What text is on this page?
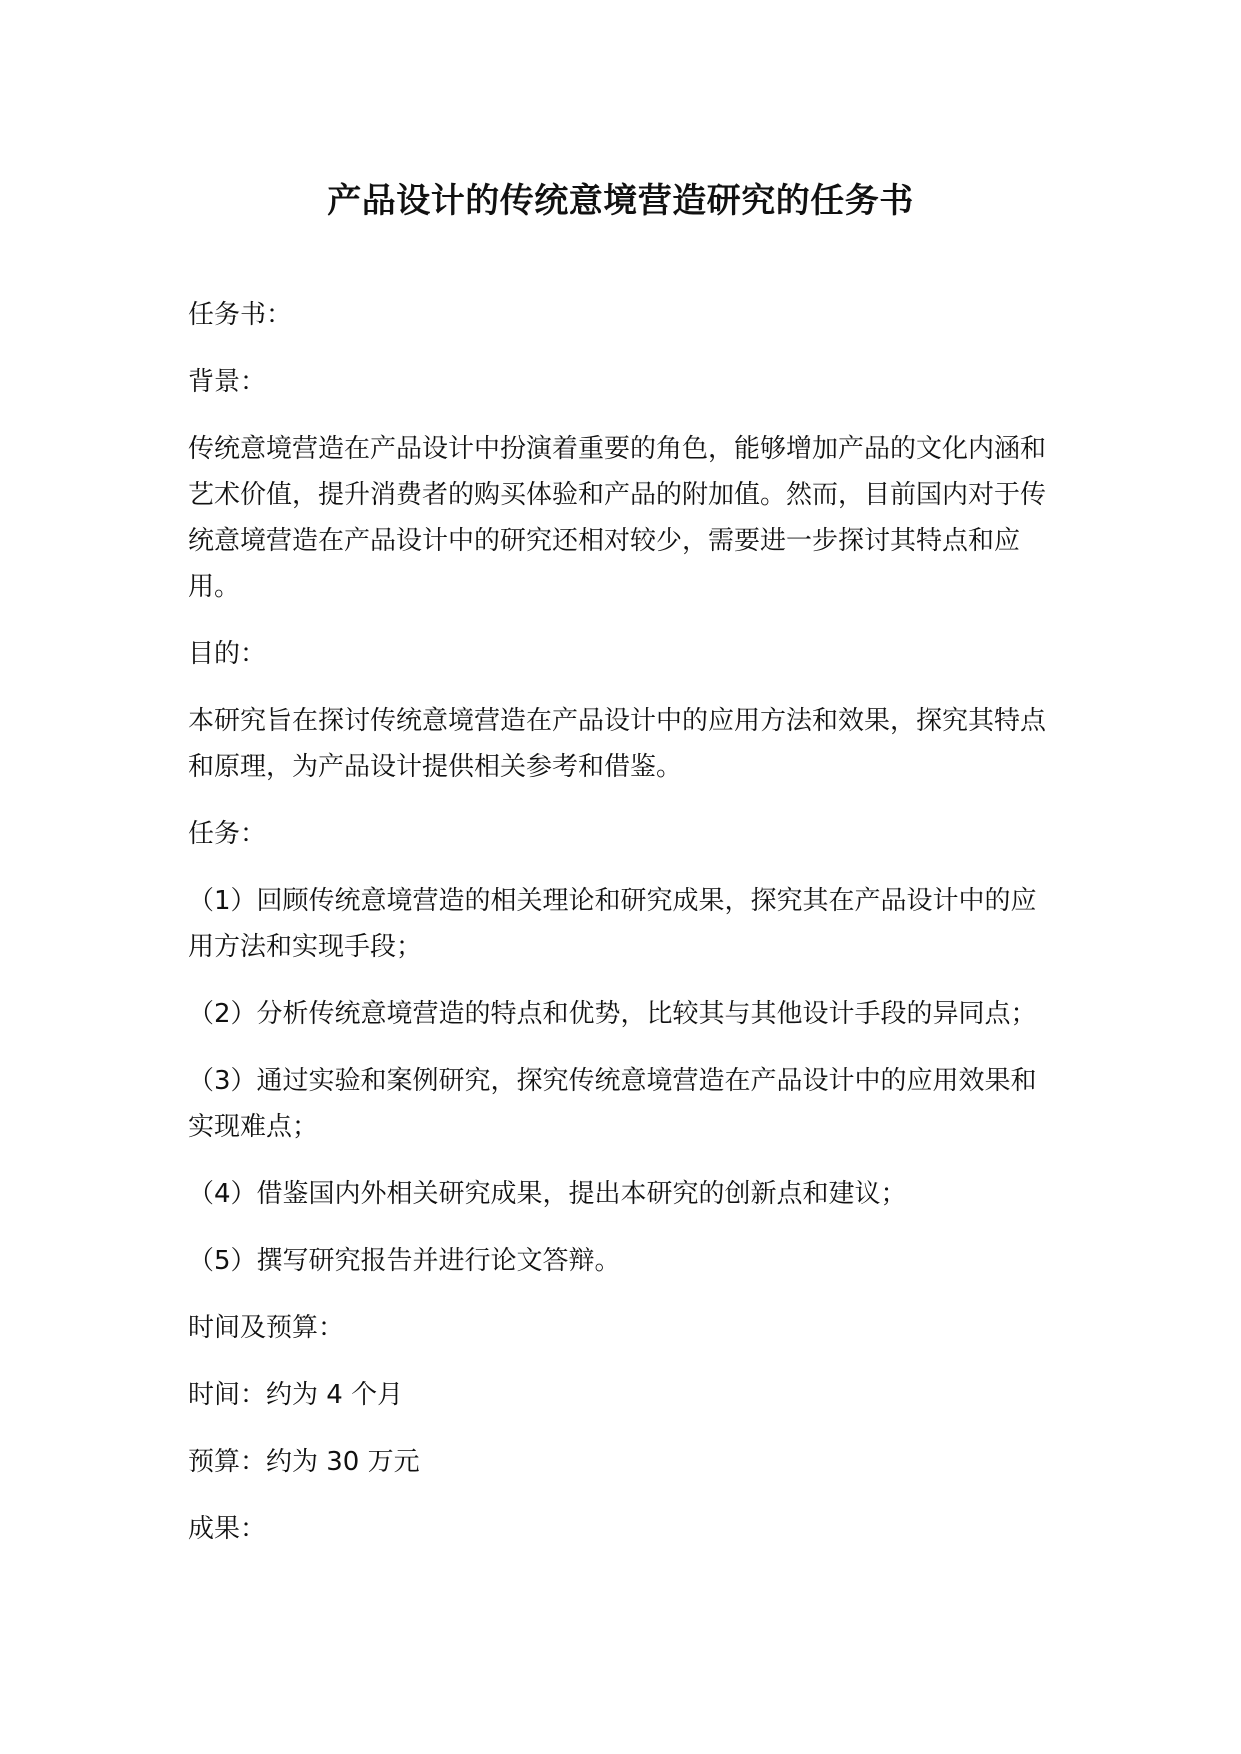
产品设计的传统意境营造研究的任务书

任务书：

背景：

传统意境营造在产品设计中扮演着重要的角色，能够增加产品的文化内涵和艺术价值，提升消费者的购买体验和产品的附加值。然而，目前国内对于传统意境营造在产品设计中的研究还相对较少，需要进一步探讨其特点和应用。

目的：

本研究旨在探讨传统意境营造在产品设计中的应用方法和效果，探究其特点和原理，为产品设计提供相关参考和借鉴。

任务：

（1）回顾传统意境营造的相关理论和研究成果，探究其在产品设计中的应用方法和实现手段；

（2）分析传统意境营造的特点和优势，比较其与其他设计手段的异同点；

（3）通过实验和案例研究，探究传统意境营造在产品设计中的应用效果和实现难点；

（4）借鉴国内外相关研究成果，提出本研究的创新点和建议；

（5）撰写研究报告并进行论文答辩。

时间及预算：

时间：约为 4 个月

预算：约为 30 万元

成果：
